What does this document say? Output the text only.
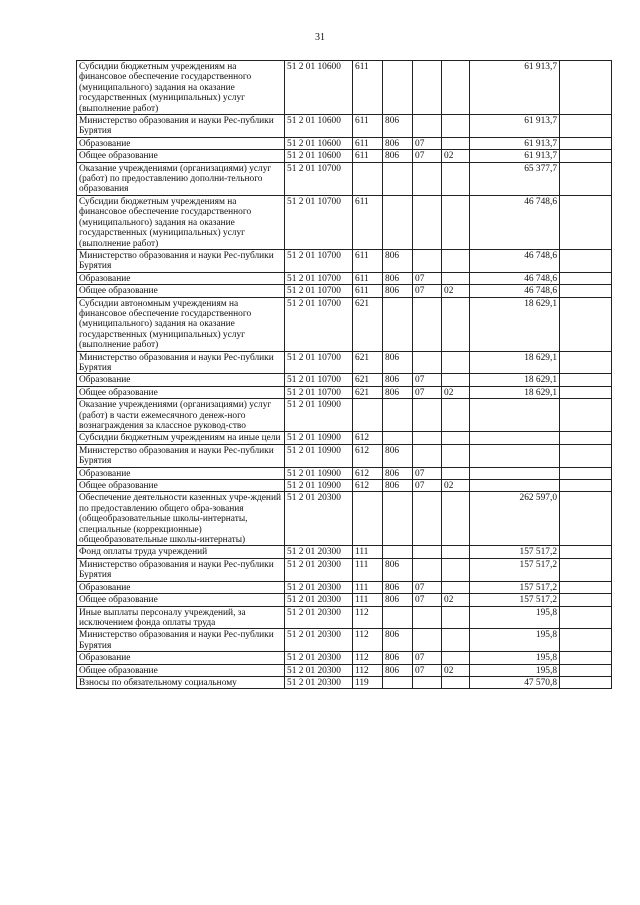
31
Субсидии бюджетным учреждениям на финансовое обеспечение государственного (муниципального) задания на оказание государственных (муниципальных) услуг (выполнение работ)	51 2 01 10600	611				61 913,7	
Министерство образования и науки Рес-публики Бурятия	51 2 01 10600	611	806			61 913,7	
Образование	51 2 01 10600	611	806	07		61 913,7	
Общее образование	51 2 01 10600	611	806	07	02	61 913,7	
Оказание учреждениями (организациями) услуг (работ) по предоставлению дополни-тельного образования	51 2 01 10700					65 377,7	
Субсидии бюджетным учреждениям на финансовое обеспечение государственного (муниципального) задания на оказание государственных (муниципальных) услуг (выполнение работ)	51 2 01 10700	611				46 748,6	
Министерство образования и науки Рес-публики Бурятия	51 2 01 10700	611	806			46 748,6	
Образование	51 2 01 10700	611	806	07		46 748,6	
Общее образование	51 2 01 10700	611	806	07	02	46 748,6	
Субсидии автономным учреждениям на финансовое обеспечение государственного (муниципального) задания на оказание государственных (муниципальных) услуг (выполнение работ)	51 2 01 10700	621				18 629,1	
Министерство образования и науки Рес-публики Бурятия	51 2 01 10700	621	806			18 629,1	
Образование	51 2 01 10700	621	806	07		18 629,1	
Общее образование	51 2 01 10700	621	806	07	02	18 629,1	
Оказание учреждениями (организациями) услуг (работ) в части ежемесячного денеж-ного вознаграждения за классное руковод-ство	51 2 01 10900						
Субсидии бюджетным учреждениям на иные цели	51 2 01 10900	612					
Министерство образования и науки Рес-публики Бурятия	51 2 01 10900	612	806				
Образование	51 2 01 10900	612	806	07			
Общее образование	51 2 01 10900	612	806	07	02		
Обеспечение деятельности казенных учре-ждений по предоставлению общего обра-зования (общеобразовательные школы-интернаты, специальные (коррекционные) общеобразовательные школы-интернаты)	51 2 01 20300					262 597,0	
Фонд оплаты труда учреждений	51 2 01 20300	111				157 517,2	
Министерство образования и науки Рес-публики Бурятия	51 2 01 20300	111	806			157 517,2	
Образование	51 2 01 20300	111	806	07		157 517,2	
Общее образование	51 2 01 20300	111	806	07	02	157 517,2	
Иные выплаты персоналу учреждений, за исключением фонда оплаты труда	51 2 01 20300	112				195,8	
Министерство образования и науки Рес-публики Бурятия	51 2 01 20300	112	806			195,8	
Образование	51 2 01 20300	112	806	07		195,8	
Общее образование	51 2 01 20300	112	806	07	02	195,8	
Взносы по обязательному социальному	51 2 01 20300	119				47 570,8	
